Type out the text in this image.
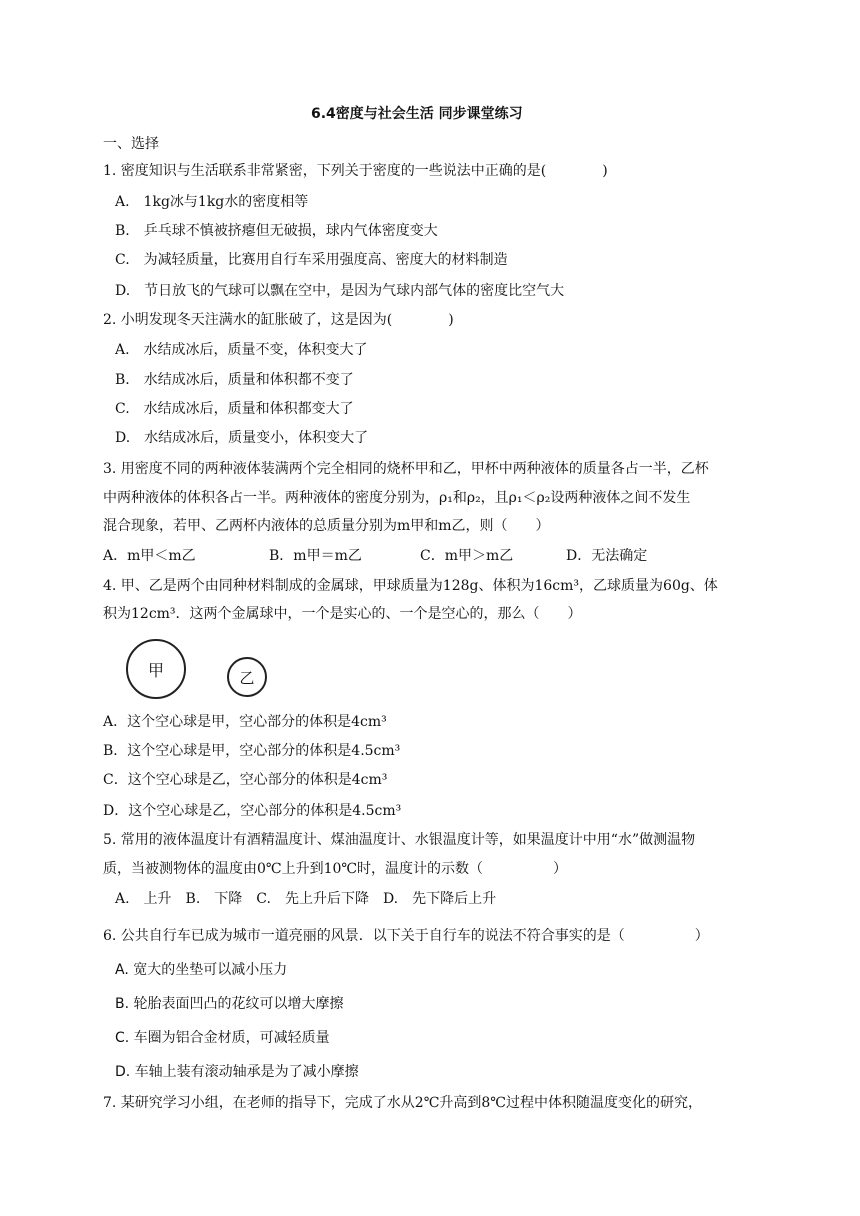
6.4密度与社会生活 同步课堂练习
一、选择
1. 密度知识与生活联系非常紧密，下列关于密度的一些说法中正确的是(　　　　)
A.　1kg冰与1kg水的密度相等
B.　乒乓球不慎被挤瘪但无破损，球内气体密度变大
C.　为减轻质量，比赛用自行车采用强度高、密度大的材料制造
D.　节日放飞的气球可以飘在空中，是因为气球内部气体的密度比空气大
2. 小明发现冬天注满水的缸胀破了，这是因为(　　　　)
A.　水结成冰后，质量不变，体积变大了
B.　水结成冰后，质量和体积都不变了
C.　水结成冰后，质量和体积都变大了
D.　水结成冰后，质量变小，体积变大了
3. 用密度不同的两种液体装满两个完全相同的烧杯甲和乙，甲杯中两种液体的质量各占一半，乙杯
中两种液体的体积各占一半。两种液体的密度分别为，ρ₁和ρ₂，且ρ₁＜ρ₂设两种液体之间不发生
混合现象，若甲、乙两杯内液体的总质量分别为m甲和m乙，则（　　）
A．m甲＜m乙	B．m甲＝m乙	C．m甲＞m乙	D．无法确定
4. 甲、乙是两个由同种材料制成的金属球，甲球质量为128g、体积为16cm³，乙球质量为60g、体
积为12cm³．这两个金属球中，一个是实心的、一个是空心的，那么（　　）
甲	乙
A．这个空心球是甲，空心部分的体积是4cm³
B．这个空心球是甲，空心部分的体积是4.5cm³
C．这个空心球是乙，空心部分的体积是4cm³
D．这个空心球是乙，空心部分的体积是4.5cm³
5. 常用的液体温度计有酒精温度计、煤油温度计、水银温度计等，如果温度计中用“水”做测温物
质，当被测物体的温度由0℃上升到10℃时，温度计的示数（　　　　　）
A.　上升　B.　下降　C.　先上升后下降　D.　先下降后上升
6. 公共自行车已成为城市一道亮丽的风景．以下关于自行车的说法不符合事实的是（　　　　　）
A. 宽大的坐垫可以减小压力
B. 轮胎表面凹凸的花纹可以增大摩擦
C. 车圈为铝合金材质，可减轻质量
D. 车轴上装有滚动轴承是为了减小摩擦
7. 某研究学习小组，在老师的指导下，完成了水从2℃升高到8℃过程中体积随温度变化的研究，
